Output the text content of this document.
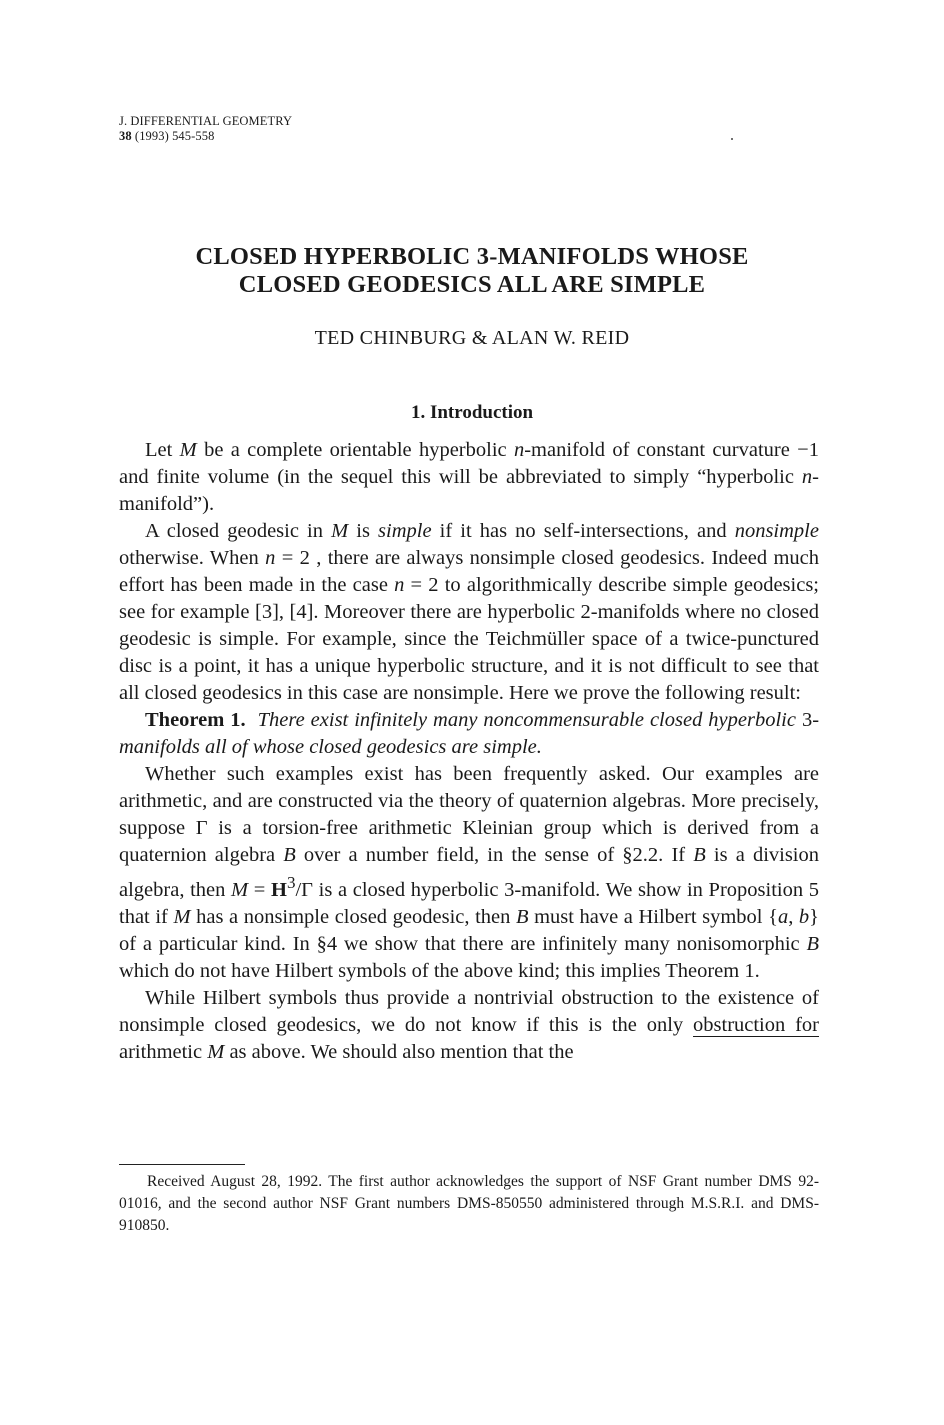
J. DIFFERENTIAL GEOMETRY
38 (1993) 545-558
CLOSED HYPERBOLIC 3-MANIFOLDS WHOSE
CLOSED GEODESICS ALL ARE SIMPLE
TED CHINBURG & ALAN W. REID
1. Introduction

Let M be a complete orientable hyperbolic n-manifold of constant curvature −1 and finite volume (in the sequel this will be abbreviated to simply “hyperbolic n-manifold”).

A closed geodesic in M is simple if it has no self-intersections, and nonsimple otherwise. When n = 2 , there are always nonsimple closed geodesics. Indeed much effort has been made in the case n = 2 to algorithmically describe simple geodesics; see for example [3], [4]. Moreover there are hyperbolic 2-manifolds where no closed geodesic is simple. For example, since the Teichmüller space of a twice-punctured disc is a point, it has a unique hyperbolic structure, and it is not difficult to see that all closed geodesics in this case are nonsimple. Here we prove the following result:

Theorem 1. There exist infinitely many noncommensurable closed hyperbolic 3-manifolds all of whose closed geodesics are simple.

Whether such examples exist has been frequently asked. Our examples are arithmetic, and are constructed via the theory of quaternion algebras. More precisely, suppose Γ is a torsion-free arithmetic Kleinian group which is derived from a quaternion algebra B over a number field, in the sense of §2.2. If B is a division algebra, then $M = H^3/\Gamma$ is a closed hyperbolic 3-manifold. We show in Proposition 5 that if M has a nonsimple closed geodesic, then B must have a Hilbert symbol {a, b} of a particular kind. In §4 we show that there are infinitely many nonisomorphic B which do not have Hilbert symbols of the above kind; this implies Theorem 1.

While Hilbert symbols thus provide a nontrivial obstruction to the existence of nonsimple closed geodesics, we do not know if this is the only obstruction for arithmetic M as above. We should also mention that the

Received August 28, 1992. The first author acknowledges the support of NSF Grant number DMS 92-01016, and the second author NSF Grant numbers DMS-850550 administered through M.S.R.I. and DMS-910850.
